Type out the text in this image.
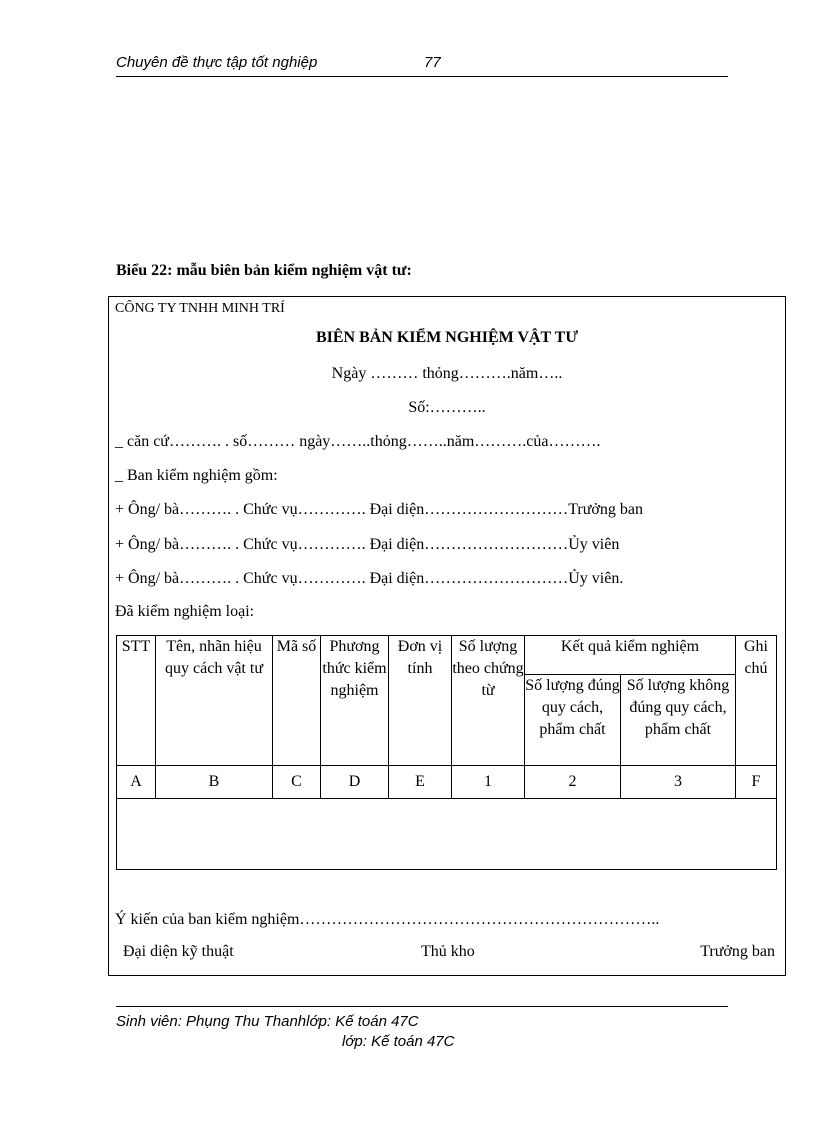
Chuyên đề thực tập tốt nghiệp	77
Biểu 22: mẫu biên bản kiểm nghiệm vật tư:
CÔNG TY TNHH MINH TRÍ
BIÊN BẢN KIỂM NGHIỆM VẬT TƯ
Ngày ……… thỏng……….năm…..
Số:………..
_ căn cứ………. . số……… ngày……..thỏng……..năm……….của……….
_ Ban kiểm nghiệm gồm:
+ Ông/ bà………. . Chức vụ…………. Đại diện………………………Trưởng ban
+ Ông/ bà………. . Chức vụ…………. Đại diện………………………Ủy viên
+ Ông/ bà………. . Chức vụ…………. Đại diện………………………Ủy viên.
Đã kiểm nghiệm loại:
STT	Tên, nhãn hiệu quy cách vật tư	Mã số	Phương thức kiểm nghiệm	Đơn vị tính	Số lượng theo chứng từ	Kết quả kiểm nghiệm		Ghi chú
						Số lượng đúng quy cách, phẩm chất	Số lượng không đúng quy cách, phẩm chất	
A	B	C	D	E	1	2	3	F

Ý kiến của ban kiểm nghiệm…………………………………………………………..
Đại diện kỹ thuật	Thủ kho	Trưởng ban
Sinh viên: Phụng Thu Thanhlớp: Kế toán 47C
lớp: Kế toán 47C
